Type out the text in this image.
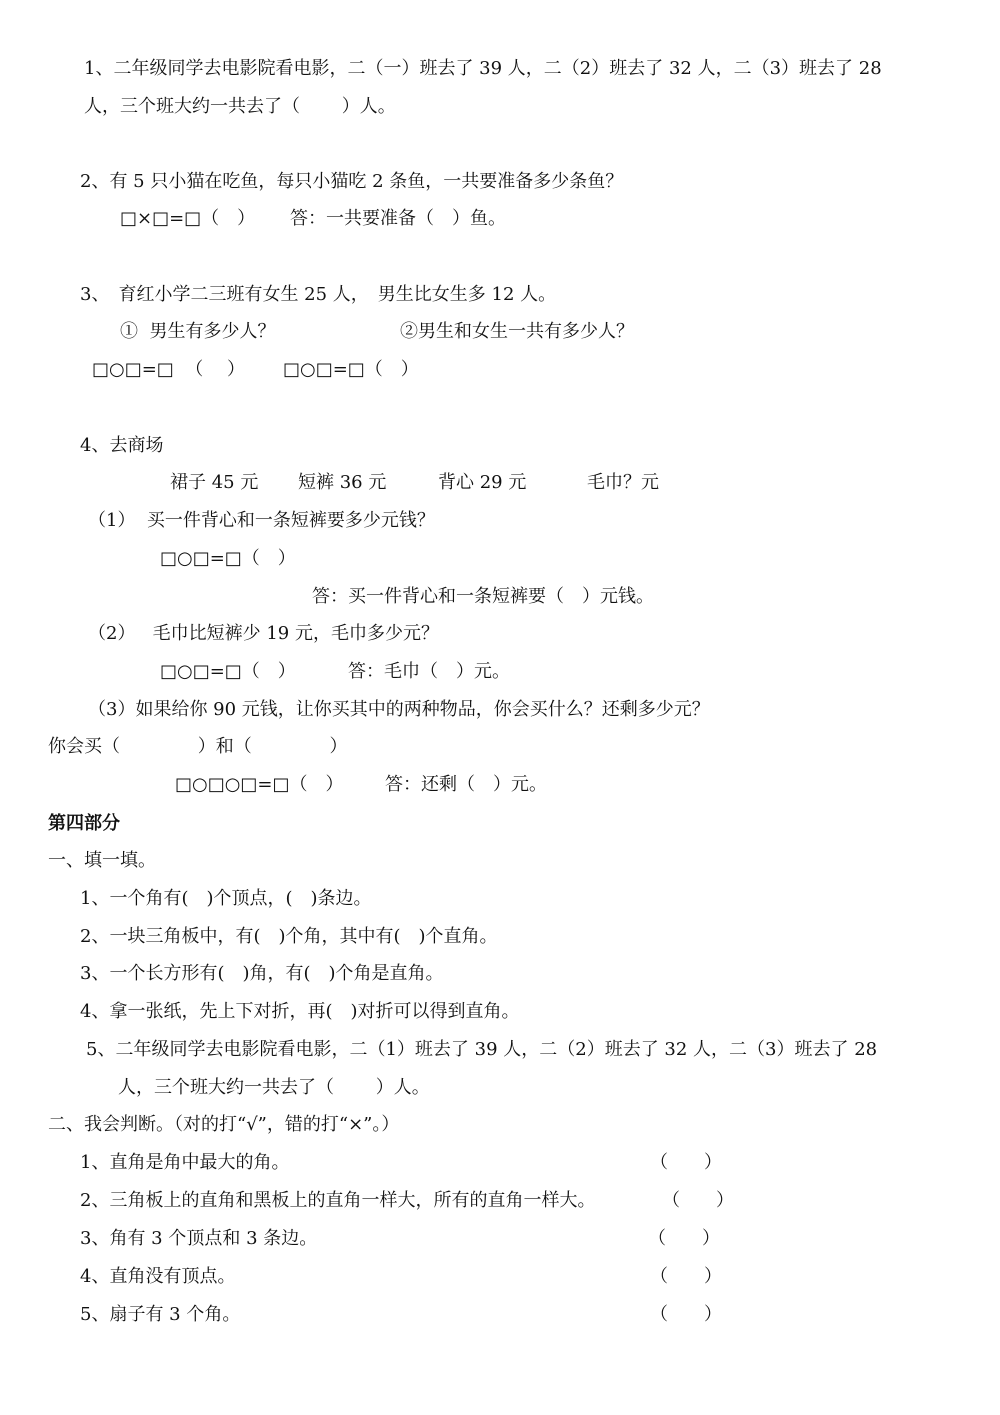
1、二年级同学去电影院看电影，二（一）班去了 39 人，二（2）班去了 32 人，二（3）班去了 28
人，三个班大约一共去了（　　 ）人。
2、有 5 只小猫在吃鱼，每只小猫吃 2 条鱼，一共要准备多少条鱼？
□×□=□（　） 答：一共要准备（　）鱼。
3、　育红小学二三班有女生 25 人，　男生比女生多 12 人。
①  男生有多少人？	②男生和女生一共有多少人？
□○□=□  （　 ） □○□=□（　）
4、去商场
裙子 45 元 短裤 36 元	背心 29 元	毛巾？元
（1）  买一件背心和一条短裤要多少元钱？
□○□=□（　）
答：买一件背心和一条短裤要（　）元钱。
（2）   毛巾比短裤少 19 元，毛巾多少元？
□○□=□（　）	答：毛巾（　）元。
（3）如果给你 90 元钱，让你买其中的两种物品，你会买什么？还剩多少元？
你会买（　　　　 ）和（　　　　 ）
□○□○□=□（　） 答：还剩（　）元。
第四部分
一、填一填。
1、一个角有(　)个顶点，(　)条边。
2、一块三角板中，有(　)个角，其中有(　)个直角。
3、一个长方形有(　)角，有(　)个角是直角。
4、拿一张纸，先上下对折，再(　)对折可以得到直角。
5、二年级同学去电影院看电影，二（1）班去了 39 人，二（2）班去了 32 人，二（3）班去了 28
人，三个班大约一共去了（　　 ）人。
二、我会判断。（对的打“√”，错的打“×”。）
1、直角是角中最大的角。	（　　）
2、三角板上的直角和黑板上的直角一样大，所有的直角一样大。	（　　）
3、角有 3 个顶点和 3 条边。	（　　）
4、直角没有顶点。	（　　）
5、扇子有 3 个角。	（　　）
